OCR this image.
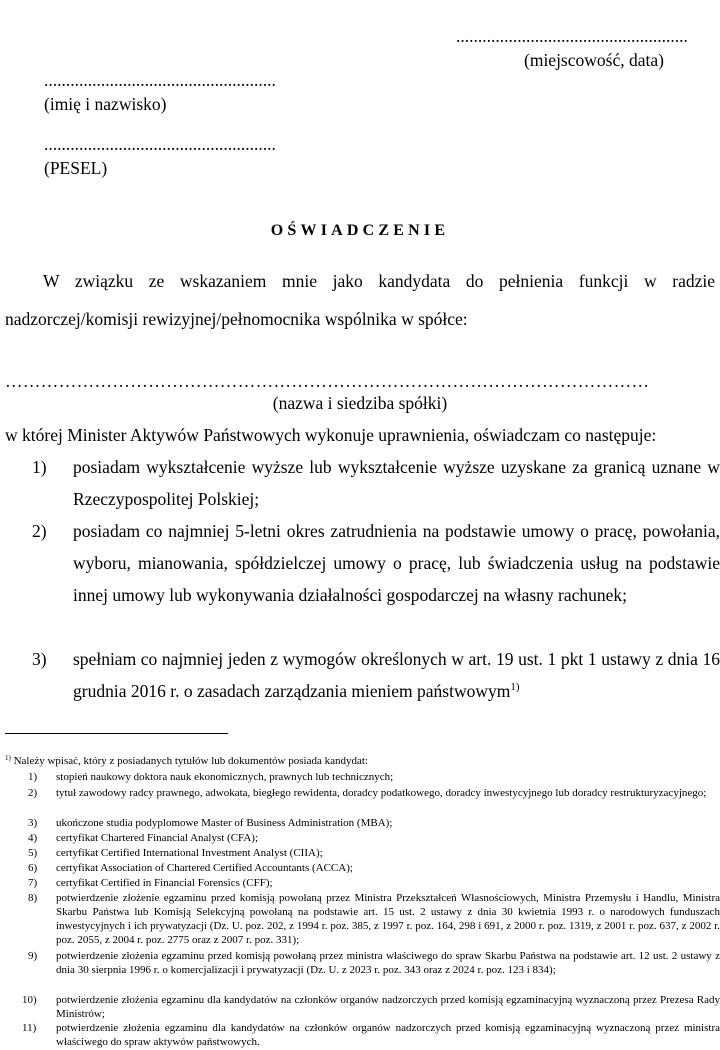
.....................................................
(miejscowość, data)
.....................................................
(imię i nazwisko)
.....................................................
(PESEL)
OŚWIADCZENIE
W związku ze wskazaniem mnie jako kandydata do pełnienia funkcji w radzie nadzorczej/komisji rewizyjnej/pełnomocnika wspólnika w spółce:
………………………………………………………………………………………………
(nazwa i siedziba spółki)
w której Minister Aktywów Państwowych wykonuje uprawnienia, oświadczam co następuje:
1) posiadam wykształcenie wyższe lub wykształcenie wyższe uzyskane za granicą uznane w Rzeczypospolitej Polskiej;
2) posiadam co najmniej 5-letni okres zatrudnienia na podstawie umowy o pracę, powołania, wyboru, mianowania, spółdzielczej umowy o pracę, lub świadczenia usług na podstawie innej umowy lub wykonywania działalności gospodarczej na własny rachunek;
3) spełniam co najmniej jeden z wymogów określonych w art. 19 ust. 1 pkt 1 ustawy z dnia 16 grudnia 2016 r. o zasadach zarządzania mieniem państwowym$^{1)}$
$^{1)}$ Należy wpisać, który z posiadanych tytułów lub dokumentów posiada kandydat:
1) stopień naukowy doktora nauk ekonomicznych, prawnych lub technicznych;
2) tytuł zawodowy radcy prawnego, adwokata, biegłego rewidenta, doradcy podatkowego, doradcy inwestycyjnego lub doradcy restrukturyzacyjnego;
3) ukończone studia podyplomowe Master of Business Administration (MBA);
4) certyfikat Chartered Financial Analyst (CFA);
5) certyfikat Certified International Investment Analyst (CIIA);
6) certyfikat Association of Chartered Certified Accountants (ACCA);
7) certyfikat Certified in Financial Forensics (CFF);
8) potwierdzenie złożenie egzaminu przed komisją powołaną przez Ministra Przekształceń Własnościowych, Ministra Przemysłu i Handlu, Ministra Skarbu Państwa lub Komisją Selekcyjną powołaną na podstawie art. 15 ust. 2 ustawy z dnia 30 kwietnia 1993 r. o narodowych funduszach inwestycyjnych i ich prywatyzacji (Dz. U. poz. 202, z 1994 r. poz. 385, z 1997 r. poz. 164, 298 i 691, z 2000 r. poz. 1319, z 2001 r. poz. 637, z 2002 r. poz. 2055, z 2004 r. poz. 2775 oraz z 2007 r. poz. 331);
9) potwierdzenie złożenia egzaminu przed komisją powołaną przez ministra właściwego do spraw Skarbu Państwa na podstawie art. 12 ust. 2 ustawy z dnia 30 sierpnia 1996 r. o komercjalizacji i prywatyzacji (Dz. U. z 2023 r. poz. 343 oraz z 2024 r. poz. 123 i 834);
10) potwierdzenie złożenia egzaminu dla kandydatów na członków organów nadzorczych przed komisją egzaminacyjną wyznaczoną przez Prezesa Rady Ministrów;
11) potwierdzenie złożenia egzaminu dla kandydatów na członków organów nadzorczych przed komisją egzaminacyjną wyznaczoną przez ministra właściwego do spraw aktywów państwowych.
